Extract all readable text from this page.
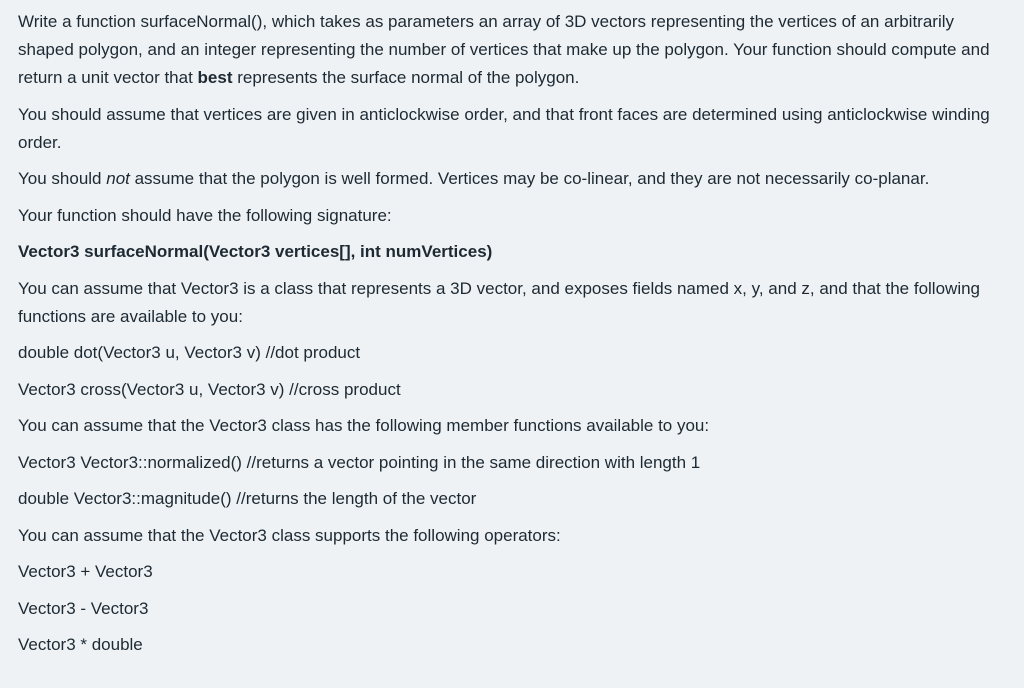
Write a function surfaceNormal(), which takes as parameters an array of 3D vectors representing the vertices of an arbitrarily shaped polygon, and an integer representing the number of vertices that make up the polygon. Your function should compute and return a unit vector that best represents the surface normal of the polygon.

You should assume that vertices are given in anticlockwise order, and that front faces are determined using anticlockwise winding order.

You should not assume that the polygon is well formed. Vertices may be co-linear, and they are not necessarily co-planar.

Your function should have the following signature:

Vector3 surfaceNormal(Vector3 vertices[], int numVertices)

You can assume that Vector3 is a class that represents a 3D vector, and exposes fields named x, y, and z, and that the following functions are available to you:

double dot(Vector3 u, Vector3 v) //dot product

Vector3 cross(Vector3 u, Vector3 v) //cross product

You can assume that the Vector3 class has the following member functions available to you:

Vector3 Vector3::normalized() //returns a vector pointing in the same direction with length 1

double Vector3::magnitude() //returns the length of the vector

You can assume that the Vector3 class supports the following operators:

Vector3 + Vector3

Vector3 - Vector3

Vector3 * double
